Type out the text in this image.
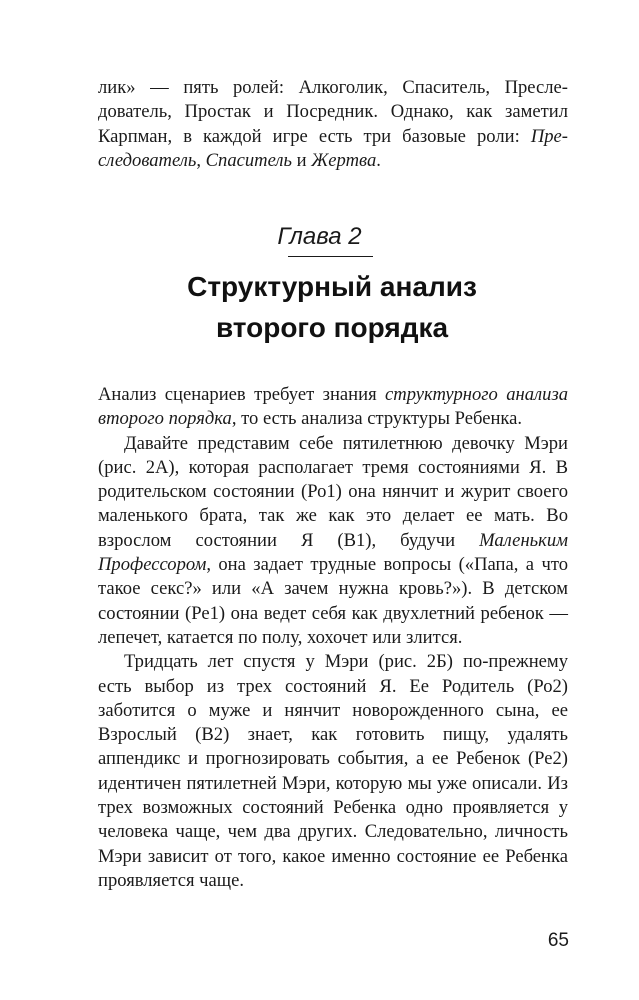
лик» — пять ролей: Алкоголик, Спаситель, Преследователь, Простак и Посредник. Однако, как заметил Карпман, в каждой игре есть три базовые роли: Преследователь, Спаситель и Жертва.

Глава 2
Структурный анализ
второго порядка

Анализ сценариев требует знания структурного анализа второго порядка, то есть анализа структуры Ребенка.

Давайте представим себе пятилетнюю девочку Мэри (рис. 2А), которая располагает тремя состояниями Я. В родительском состоянии (Ро1) она нянчит и журит своего маленького брата, так же как это делает ее мать. Во взрослом состоянии Я (В1), будучи Маленьким Профессором, она задает трудные вопросы («Папа, а что такое секс?» или «А зачем нужна кровь?»). В детском состоянии (Ре1) она ведет себя как двухлетний ребенок — лепечет, катается по полу, хохочет или злится.

Тридцать лет спустя у Мэри (рис. 2Б) по-прежнему есть выбор из трех состояний Я. Ее Родитель (Ро2) заботится о муже и нянчит новорожденного сына, ее Взрослый (В2) знает, как готовить пищу, удалять аппендикс и прогнозировать события, а ее Ребенок (Ре2) идентичен пятилетней Мэри, которую мы уже описали. Из трех возможных состояний Ребенка одно проявляется у человека чаще, чем два других. Следовательно, личность Мэри зависит от того, какое именно состояние ее Ребенка проявляется чаще.

65
